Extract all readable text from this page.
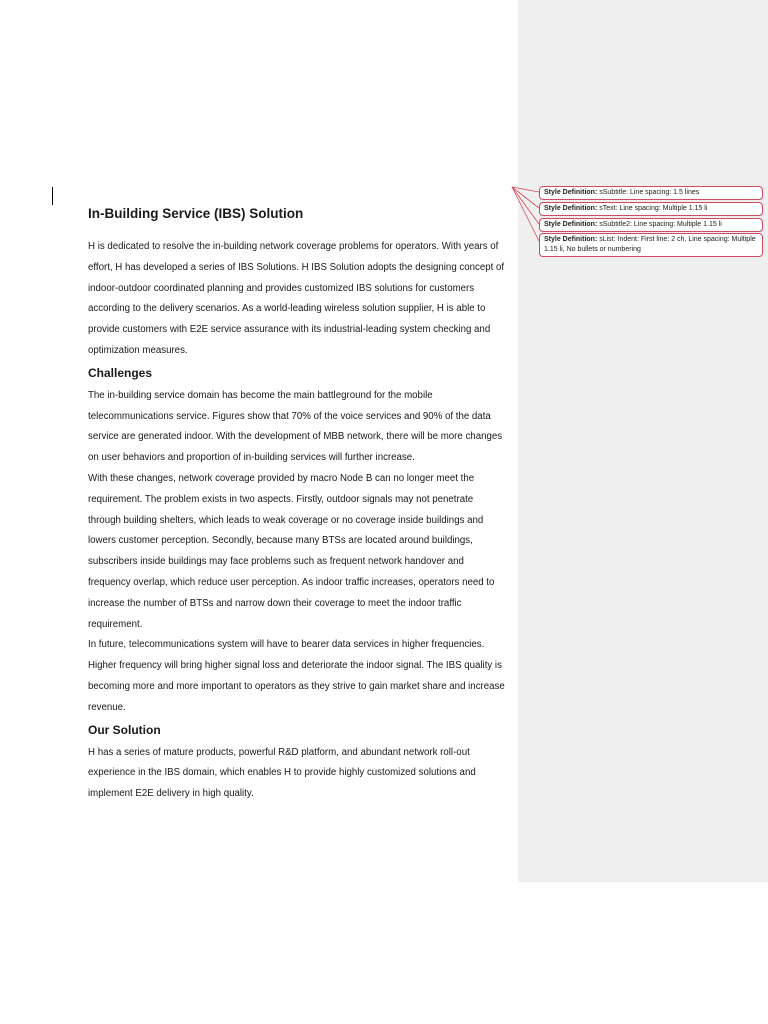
Style Definition: sSubtitle: Line spacing: 1.5 lines
Style Definition: sText: Line spacing: Multiple 1.15 li
Style Definition: sSubtitle2: Line spacing: Multiple 1.15 li
Style Definition: sList: Indent: First line: 2 ch, Line spacing: Multiple 1.15 li, No bullets or numbering
In-Building Service (IBS) Solution

H is dedicated to resolve the in-building network coverage problems for operators. With years of effort, H has developed a series of IBS Solutions. H IBS Solution adopts the designing concept of indoor-outdoor coordinated planning and provides customized IBS solutions for customers according to the delivery scenarios. As a world-leading wireless solution supplier, H is able to provide customers with E2E service assurance with its industrial-leading system checking and optimization measures.

Challenges

The in-building service domain has become the main battleground for the mobile telecommunications service. Figures show that 70% of the voice services and 90% of the data service are generated indoor. With the development of MBB network, there will be more changes on user behaviors and proportion of in-building services will further increase.

With these changes, network coverage provided by macro Node B can no longer meet the requirement. The problem exists in two aspects. Firstly, outdoor signals may not penetrate through building shelters, which leads to weak coverage or no coverage inside buildings and lowers customer perception. Secondly, because many BTSs are located around buildings, subscribers inside buildings may face problems such as frequent network handover and frequency overlap, which reduce user perception. As indoor traffic increases, operators need to increase the number of BTSs and narrow down their coverage to meet the indoor traffic requirement.

In future, telecommunications system will have to bearer data services in higher frequencies. Higher frequency will bring higher signal loss and deteriorate the indoor signal. The IBS quality is becoming more and more important to operators as they strive to gain market share and increase revenue.

Our Solution

H has a series of mature products, powerful R&D platform, and abundant network roll-out experience in the IBS domain, which enables H to provide highly customized solutions and implement E2E delivery in high quality.
